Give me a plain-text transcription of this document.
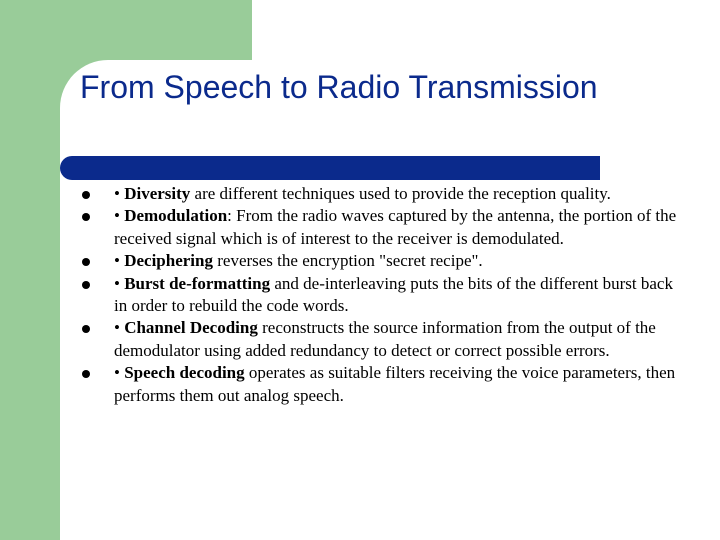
From Speech to Radio Transmission
• Diversity are different techniques used to provide the reception quality.
• Demodulation: From the radio waves captured by the antenna, the portion of the received signal which is of interest to the receiver is demodulated.
• Deciphering reverses the encryption "secret recipe".
• Burst de-formatting and de-interleaving puts the bits of the different burst back in order to rebuild the code words.
• Channel Decoding reconstructs the source information from the output of the demodulator using added redundancy to detect or correct possible errors.
• Speech decoding operates as suitable filters receiving the voice parameters, then performs them out analog speech.
